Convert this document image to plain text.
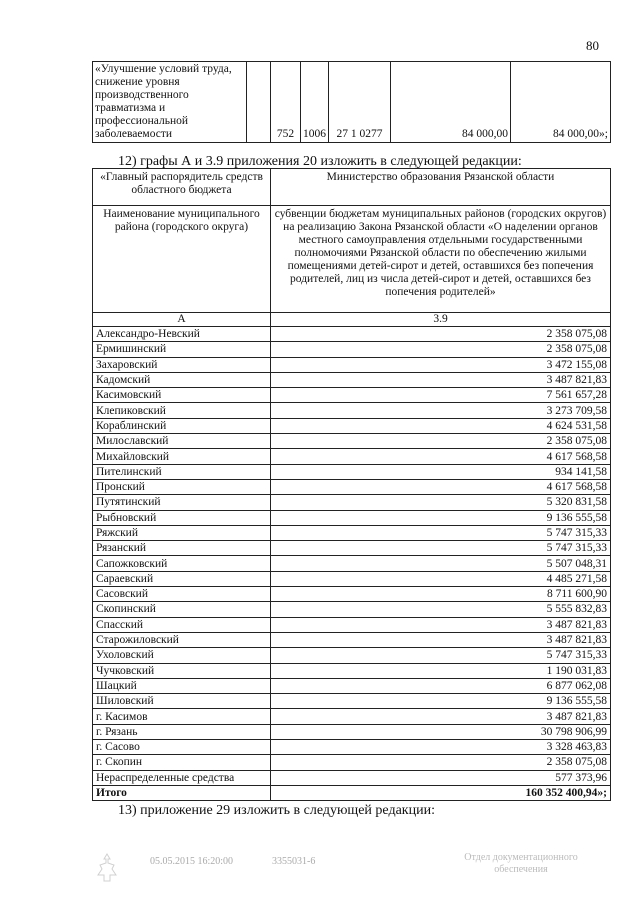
80
«Улучшение условий труда, снижение уровня производственного травматизма и профессиональной заболеваемости		752	1006	27 1 0277	84 000,00	84 000,00»;
12) графы А и 3.9 приложения 20 изложить в следующей редакции:
«Главный распорядитель средств областного бюджета	Министерство образования Рязанской области
Наименование муниципального района (городского округа)	субвенции бюджетам муниципальных районов (городских округов) на реализацию Закона Рязанской области «О наделении органов местного самоуправления отдельными государственными полномочиями Рязанской области по обеспечению жилыми помещениями детей-сирот и детей, оставшихся без попечения родителей, лиц из числа детей-сирот и детей, оставшихся без попечения родителей»
А	3.9
Александро-Невский	2 358 075,08
Ермишинский	2 358 075,08
Захаровский	3 472 155,08
Кадомский	3 487 821,83
Касимовский	7 561 657,28
Клепиковский	3 273 709,58
Кораблинский	4 624 531,58
Милославский	2 358 075,08
Михайловский	4 617 568,58
Пителинский	934 141,58
Пронский	4 617 568,58
Путятинский	5 320 831,58
Рыбновский	9 136 555,58
Ряжский	5 747 315,33
Рязанский	5 747 315,33
Сапожковский	5 507 048,31
Сараевский	4 485 271,58
Сасовский	8 711 600,90
Скопинский	5 555 832,83
Спасский	3 487 821,83
Старожиловский	3 487 821,83
Ухоловский	5 747 315,33
Чучковский	1 190 031,83
Шацкий	6 877 062,08
Шиловский	9 136 555,58
г. Касимов	3 487 821,83
г. Рязань	30 798 906,99
г. Сасово	3 328 463,83
г. Скопин	2 358 075,08
Нераспределенные средства	577 373,96
Итого	160 352 400,94»;
13) приложение 29 изложить в следующей редакции:
05.05.2015 16:20:00	3355031-6	Отдел документационного
обеспечения
